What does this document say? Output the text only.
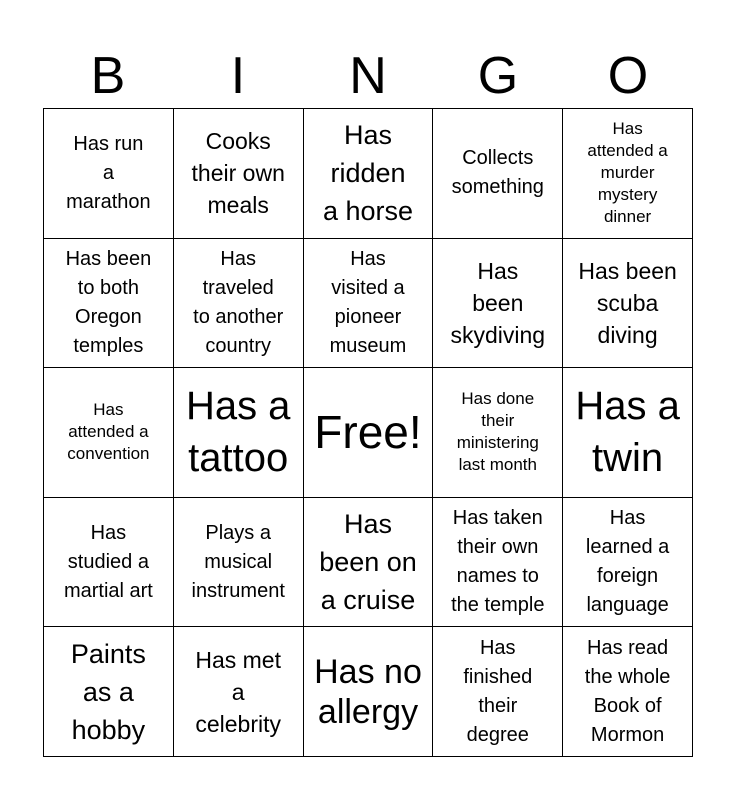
B	I	N	G	O
Has run
a
marathon
Cooks
their own
meals
Has
ridden
a horse
Collects
something
Has
attended a
murder
mystery
dinner
Has been
to both
Oregon
temples
Has
traveled
to another
country
Has
visited a
pioneer
museum
Has
been
skydiving
Has been
scuba
diving
Has
attended a
convention
Has a
tattoo Free!
Has done
their
ministering
last month
Has a
twin
Has
studied a
martial art
Plays a
musical
instrument
Has
been on
a cruise
Has taken
their own
names to
the temple
Has
learned a
foreign
language
Paints
as a
hobby
Has met
a
celebrity
Has no
allergy
Has
finished
their
degree
Has read
the whole
Book of
Mormon
